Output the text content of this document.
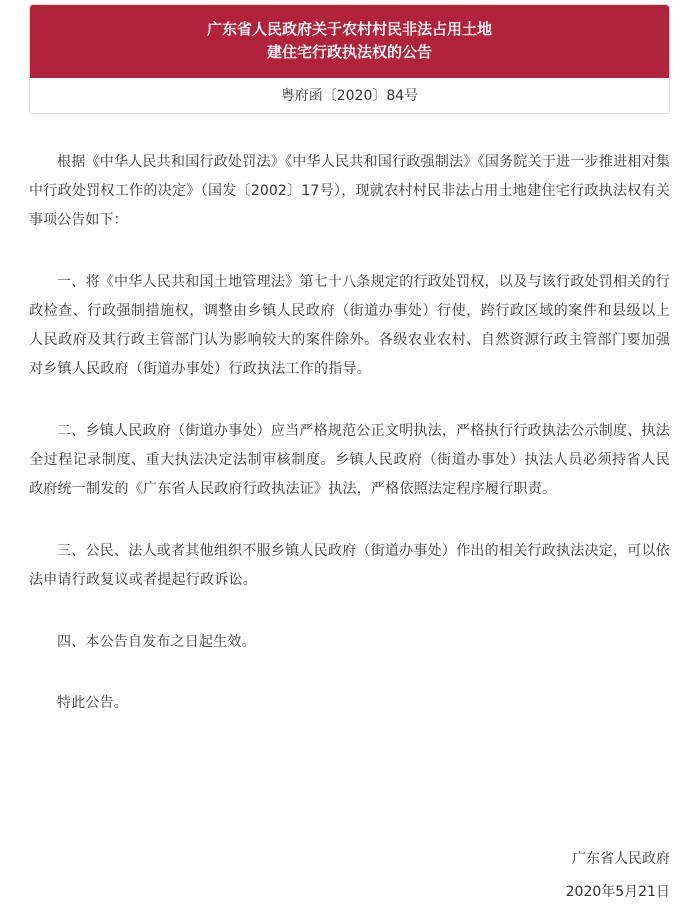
广东省人民政府关于农村村民非法占用土地
建住宅行政执法权的公告
粤府函〔2020〕84号

根据《中华人民共和国行政处罚法》《中华人民共和国行政强制法》《国务院关于进一步推进相对集中行政处罚权工作的决定》（国发〔2002〕17号），现就农村村民非法占用土地建住宅行政执法权有关事项公告如下：

一、将《中华人民共和国土地管理法》第七十八条规定的行政处罚权，以及与该行政处罚相关的行政检查、行政强制措施权，调整由乡镇人民政府（街道办事处）行使，跨行政区域的案件和县级以上人民政府及其行政主管部门认为影响较大的案件除外。各级农业农村、自然资源行政主管部门要加强对乡镇人民政府（街道办事处）行政执法工作的指导。

二、乡镇人民政府（街道办事处）应当严格规范公正文明执法，严格执行行政执法公示制度、执法全过程记录制度、重大执法决定法制审核制度。乡镇人民政府（街道办事处）执法人员必须持省人民政府统一制发的《广东省人民政府行政执法证》执法，严格依照法定程序履行职责。

三、公民、法人或者其他组织不服乡镇人民政府（街道办事处）作出的相关行政执法决定，可以依法申请行政复议或者提起行政诉讼。

四、本公告自发布之日起生效。

特此公告。

广东省人民政府
2020年5月21日
